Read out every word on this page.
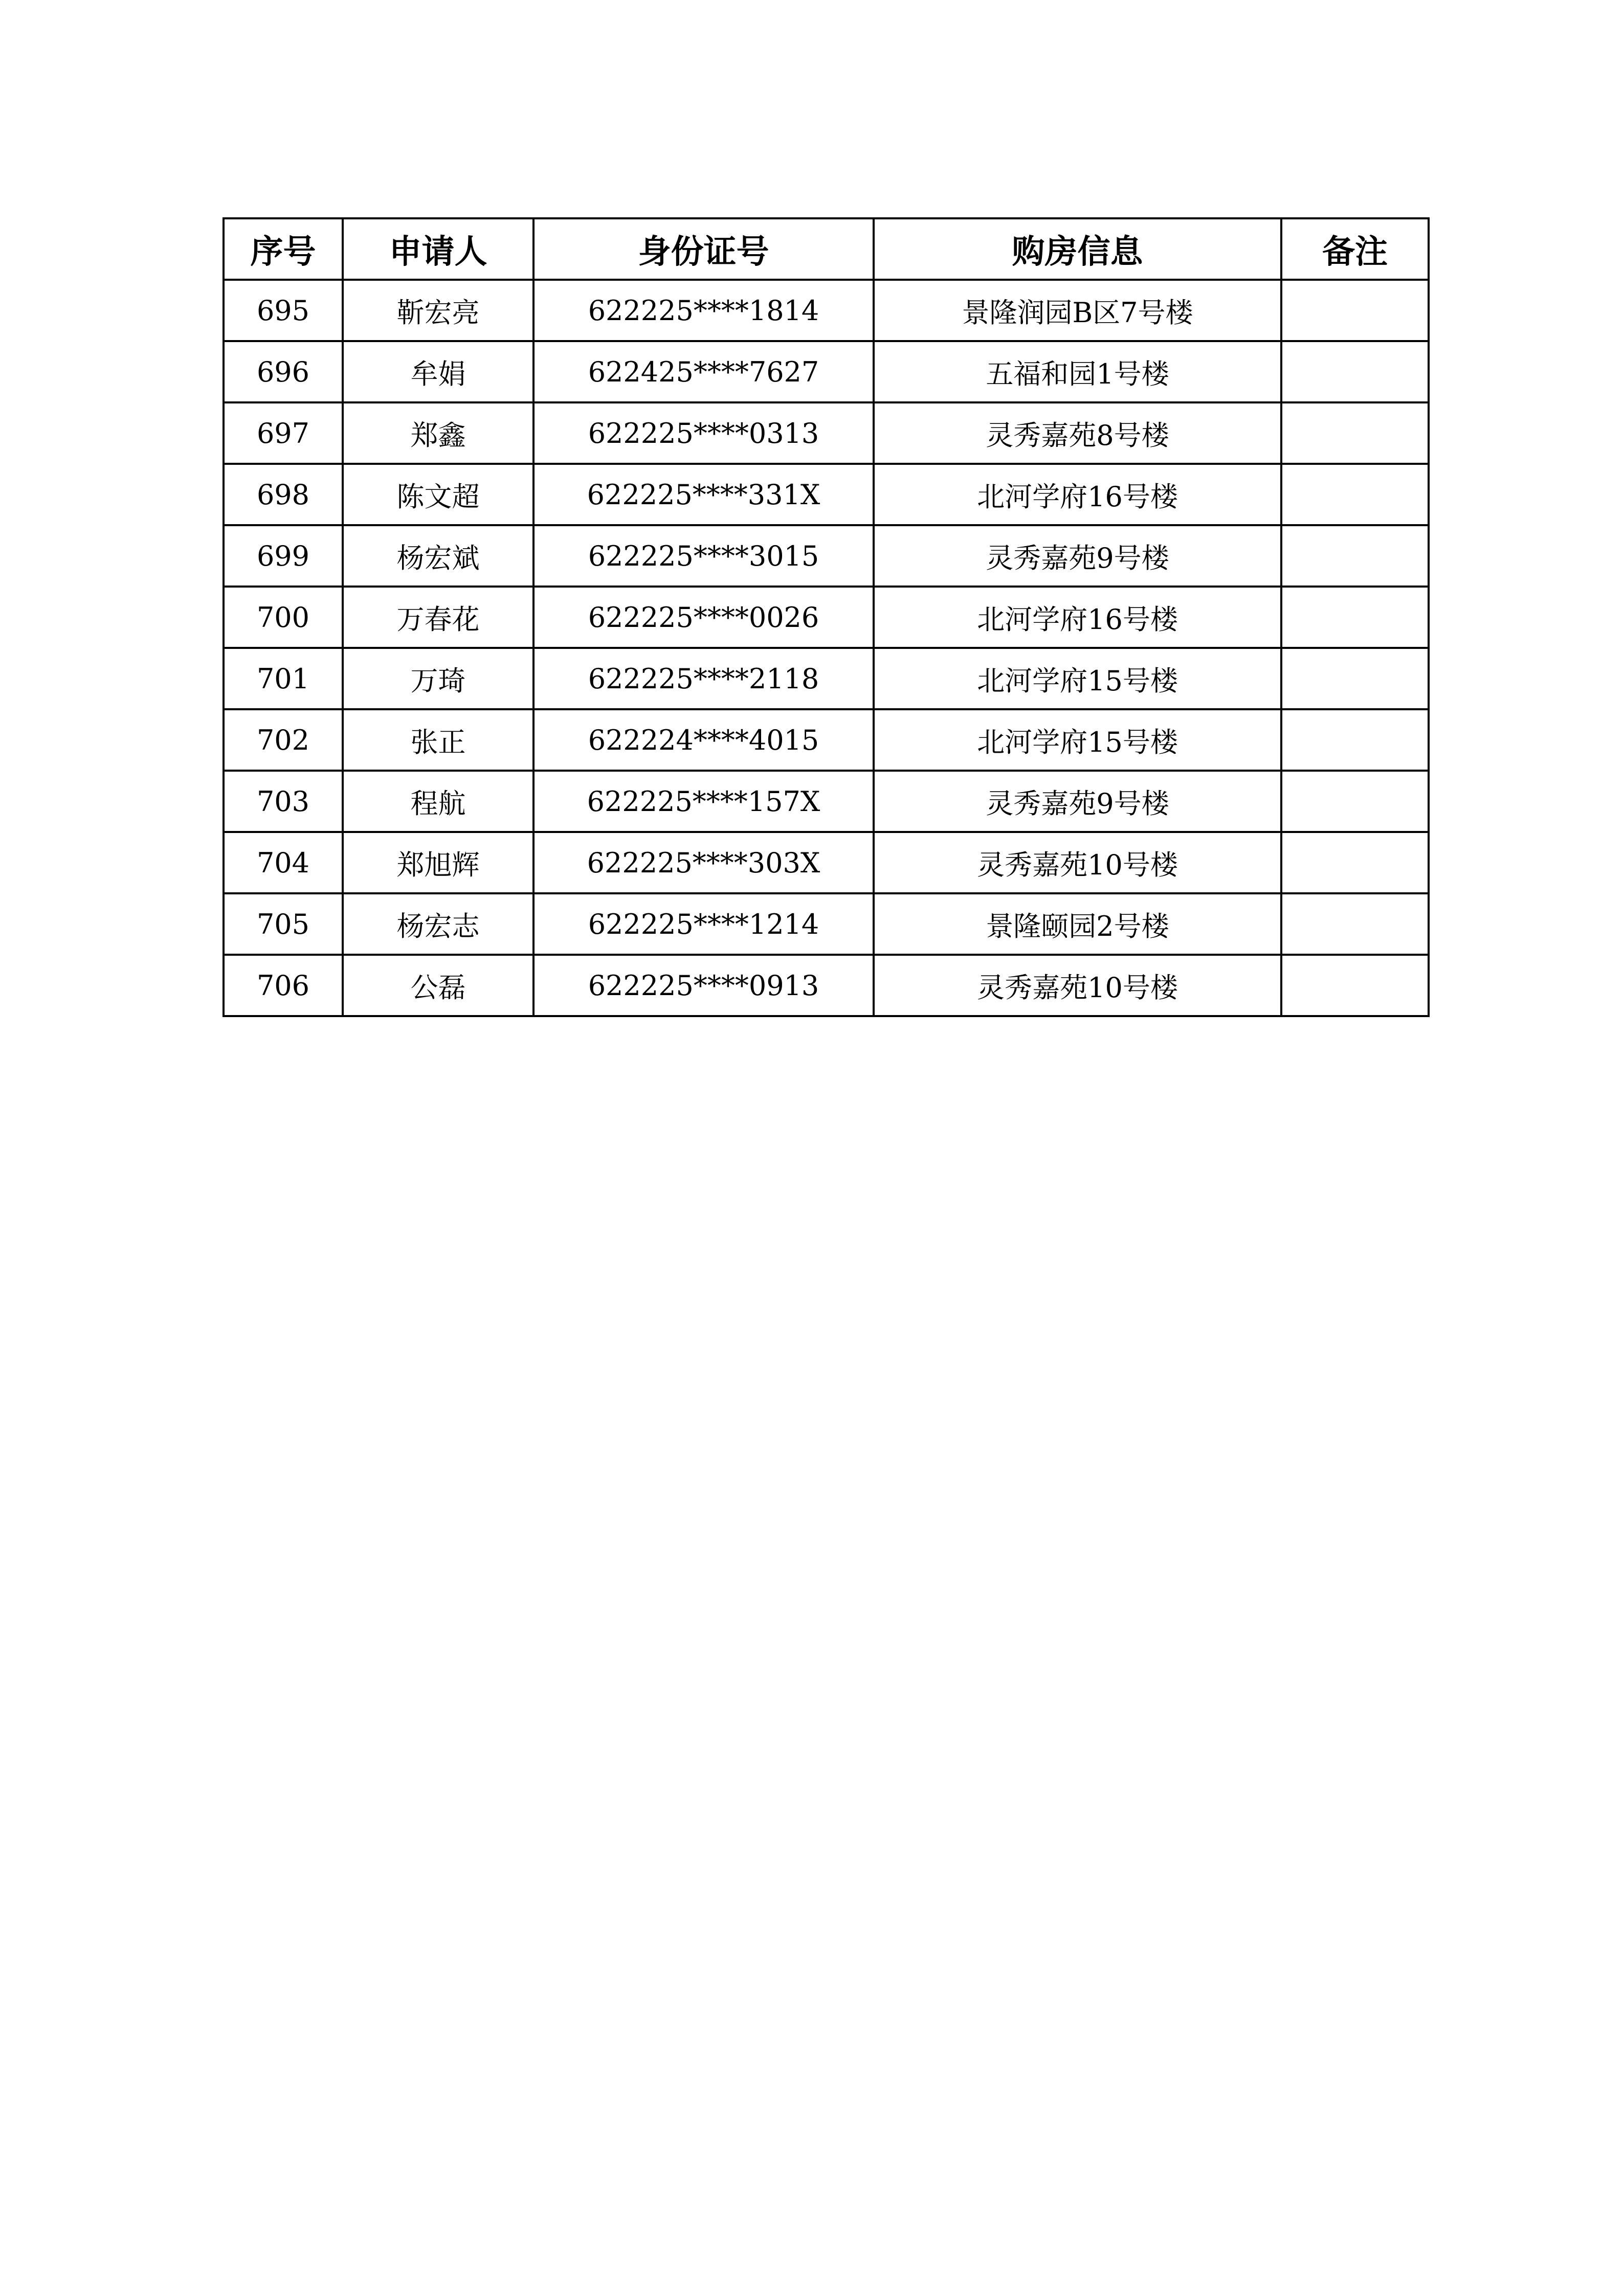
序号	申请人	身份证号	购房信息	备注
695	靳宏亮	622225****1814	景隆润园B区7号楼	
696	牟娟	622425****7627	五福和园1号楼	
697	郑鑫	622225****0313	灵秀嘉苑8号楼	
698	陈文超	622225****331X	北河学府16号楼	
699	杨宏斌	622225****3015	灵秀嘉苑9号楼	
700	万春花	622225****0026	北河学府16号楼	
701	万琦	622225****2118	北河学府15号楼	
702	张正	622224****4015	北河学府15号楼	
703	程航	622225****157X	灵秀嘉苑9号楼	
704	郑旭辉	622225****303X	灵秀嘉苑10号楼	
705	杨宏志	622225****1214	景隆颐园2号楼	
706	公磊	622225****0913	灵秀嘉苑10号楼	
